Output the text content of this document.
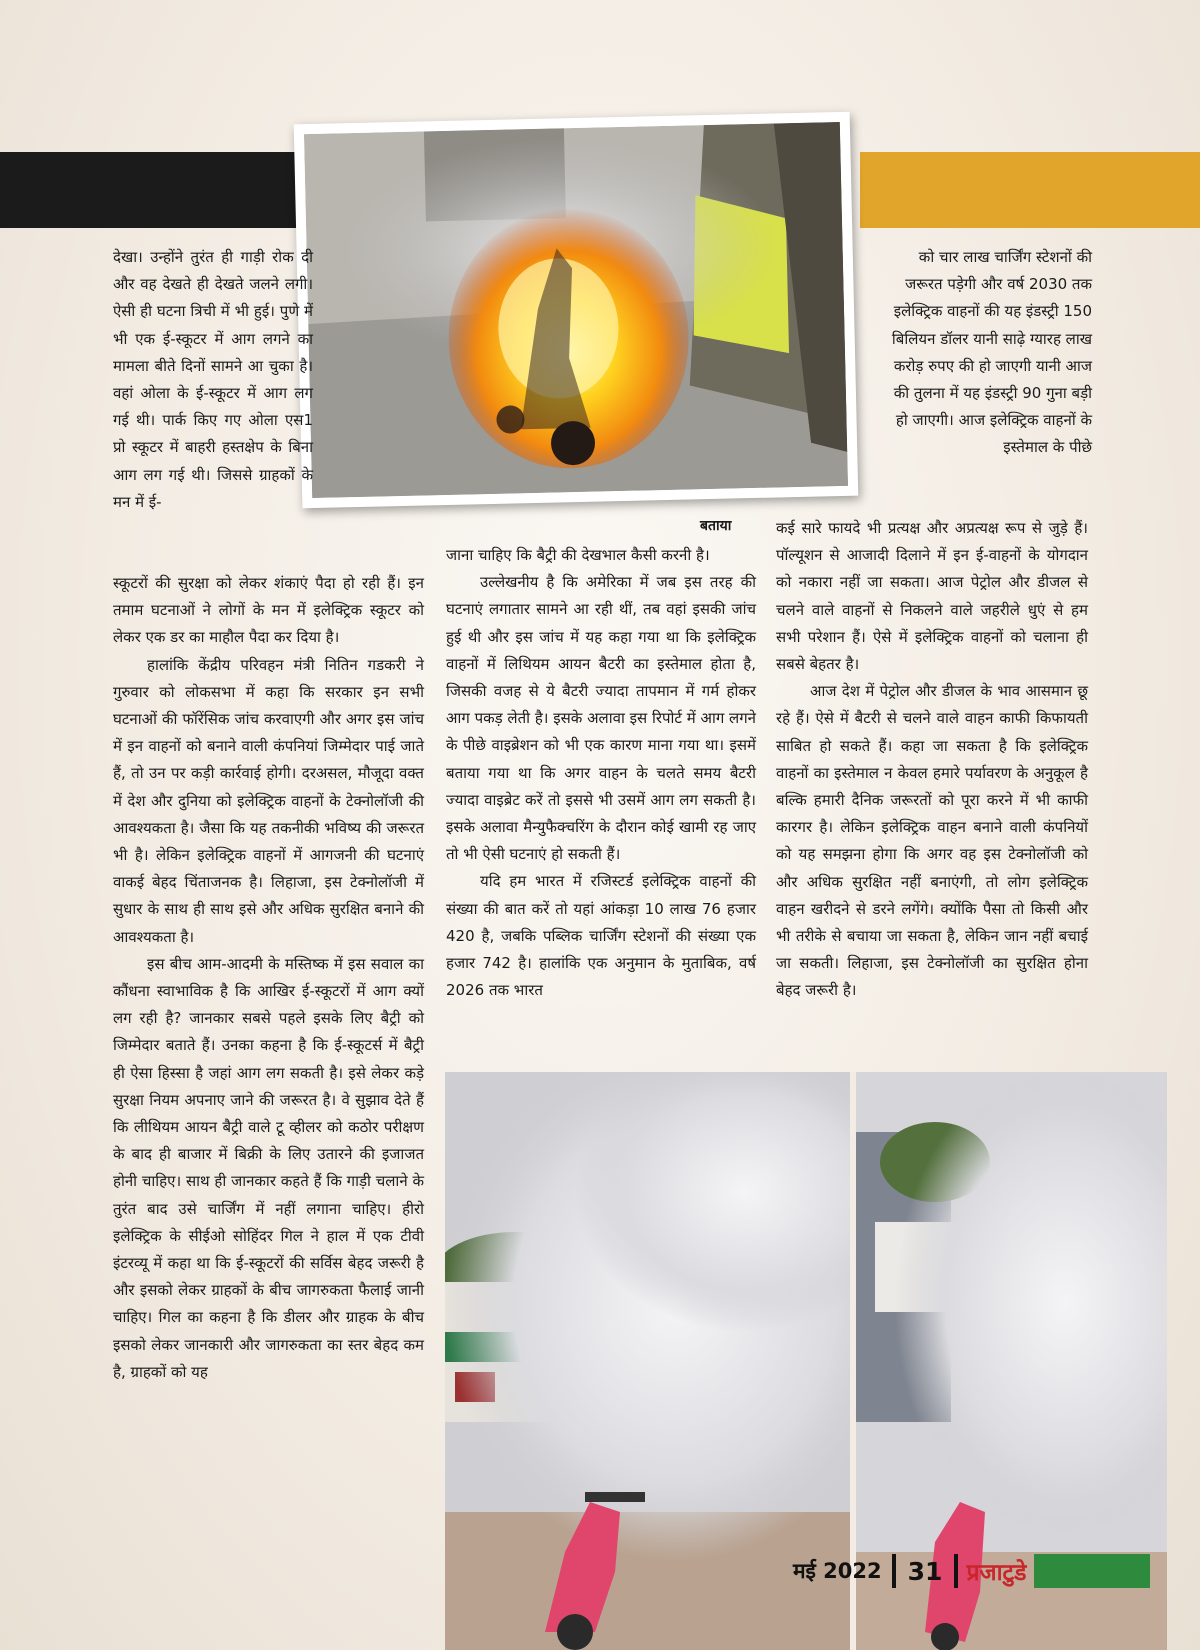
देखा। उन्होंने तुरंत ही गाड़ी रोक दी और वह देखते ही देखते जलने लगी। ऐसी ही घटना त्रिची में भी हुई। पुणे में भी एक ई-स्कूटर में आग लगने का मामला बीते दिनों सामने आ चुका है। वहां ओला के ई-स्कूटर में आग लग गई थी। पार्क किए गए ओला एस1 प्रो स्कूटर में बाहरी हस्तक्षेप के बिना आग लग गई थी। जिससे ग्राहकों के मन में ई-

स्कूटरों की सुरक्षा को लेकर शंकाएं पैदा हो रही हैं। इन तमाम घटनाओं ने लोगों के मन में इलेक्ट्रिक स्कूटर को लेकर एक डर का माहौल पैदा कर दिया है।

हालांकि केंद्रीय परिवहन मंत्री नितिन गडकरी ने गुरुवार को लोकसभा में कहा कि सरकार इन सभी घटनाओं की फॉरेंसिक जांच करवाएगी और अगर इस जांच में इन वाहनों को बनाने वाली कंपनियां जिम्मेदार पाई जाते हैं, तो उन पर कड़ी कार्रवाई होगी। दरअसल, मौजूदा वक्त में देश और दुनिया को इलेक्ट्रिक वाहनों के टेक्नोलॉजी की आवश्यकता है। जैसा कि यह तकनीकी भविष्य की जरूरत भी है। लेकिन इलेक्ट्रिक वाहनों में आगजनी की घटनाएं वाकई बेहद चिंताजनक है। लिहाजा, इस टेक्नोलॉजी में सुधार के साथ ही साथ इसे और अधिक सुरक्षित बनाने की आवश्यकता है।

इस बीच आम-आदमी के मस्तिष्क में इस सवाल का कौंधना स्वाभाविक है कि आखिर ई-स्कूटरों में आग क्यों लग रही है? जानकार सबसे पहले इसके लिए बैट्री को जिम्मेदार बताते हैं। उनका कहना है कि ई-स्कूटर्स में बैट्री ही ऐसा हिस्सा है जहां आग लग सकती है। इसे लेकर कड़े सुरक्षा नियम अपनाए जाने की जरूरत है। वे सुझाव देते हैं कि लीथियम आयन बैट्री वाले टू व्हीलर को कठोर परीक्षण के बाद ही बाजार में बिक्री के लिए उतारने की इजाजत होनी चाहिए। साथ ही जानकार कहते हैं कि गाड़ी चलाने के तुरंत बाद उसे चार्जिंग में नहीं लगाना चाहिए। हीरो इलेक्ट्रिक के सीईओ सोहिंदर गिल ने हाल में एक टीवी इंटरव्यू में कहा था कि ई-स्कूटरों की सर्विस बेहद जरूरी है और इसको लेकर ग्राहकों के बीच जागरुकता फैलाई जानी चाहिए। गिल का कहना है कि डीलर और ग्राहक के बीच इसको लेकर जानकारी और जागरुकता का स्तर बेहद कम है, ग्राहकों को यह

बताया

जाना चाहिए कि बैट्री की देखभाल कैसी करनी है।

उल्लेखनीय है कि अमेरिका में जब इस तरह की घटनाएं लगातार सामने आ रही थीं, तब वहां इसकी जांच हुई थी और इस जांच में यह कहा गया था कि इलेक्ट्रिक वाहनों में लिथियम आयन बैटरी का इस्तेमाल होता है, जिसकी वजह से ये बैटरी ज्यादा तापमान में गर्म होकर आग पकड़ लेती है। इसके अलावा इस रिपोर्ट में आग लगने के पीछे वाइब्रेशन को भी एक कारण माना गया था। इसमें बताया गया था कि अगर वाहन के चलते समय बैटरी ज्यादा वाइब्रेट करें तो इससे भी उसमें आग लग सकती है। इसके अलावा मैन्युफैक्चरिंग के दौरान कोई खामी रह जाए तो भी ऐसी घटनाएं हो सकती हैं।

यदि हम भारत में रजिस्टर्ड इलेक्ट्रिक वाहनों की संख्या की बात करें तो यहां आंकड़ा 10 लाख 76 हजार 420 है, जबकि पब्लिक चार्जिंग स्टेशनों की संख्या एक हजार 742 है। हालांकि एक अनुमान के मुताबिक, वर्ष 2026 तक भारत

को चार लाख चार्जिंग स्टेशनों की जरूरत पड़ेगी और वर्ष 2030 तक इलेक्ट्रिक वाहनों की यह इंडस्ट्री 150 बिलियन डॉलर यानी साढ़े ग्यारह लाख करोड़ रुपए की हो जाएगी यानी आज की तुलना में यह इंडस्ट्री 90 गुना बड़ी हो जाएगी। आज इलेक्ट्रिक वाहनों के इस्तेमाल के पीछे

कई सारे फायदे भी प्रत्यक्ष और अप्रत्यक्ष रूप से जुड़े हैं। पॉल्यूशन से आजादी दिलाने में इन ई-वाहनों के योगदान को नकारा नहीं जा सकता। आज पेट्रोल और डीजल से चलने वाले वाहनों से निकलने वाले जहरीले धुएं से हम सभी परेशान हैं। ऐसे में इलेक्ट्रिक वाहनों को चलाना ही सबसे बेहतर है।

आज देश में पेट्रोल और डीजल के भाव आसमान छू रहे हैं। ऐसे में बैटरी से चलने वाले वाहन काफी किफायती साबित हो सकते हैं। कहा जा सकता है कि इलेक्ट्रिक वाहनों का इस्तेमाल न केवल हमारे पर्यावरण के अनुकूल है बल्कि हमारी दैनिक जरूरतों को पूरा करने में भी काफी कारगर है। लेकिन इलेक्ट्रिक वाहन बनाने वाली कंपनियों को यह समझना होगा कि अगर वह इस टेक्नोलॉजी को और अधिक सुरक्षित नहीं बनाएंगी, तो लोग इलेक्ट्रिक वाहन खरीदने से डरने लगेंगे। क्योंकि पैसा तो किसी और भी तरीके से बचाया जा सकता है, लेकिन जान नहीं बचाई जा सकती। लिहाजा, इस टेक्नोलॉजी का सुरक्षित होना बेहद जरूरी है।

मई 2022	31	प्रजाटुडे
